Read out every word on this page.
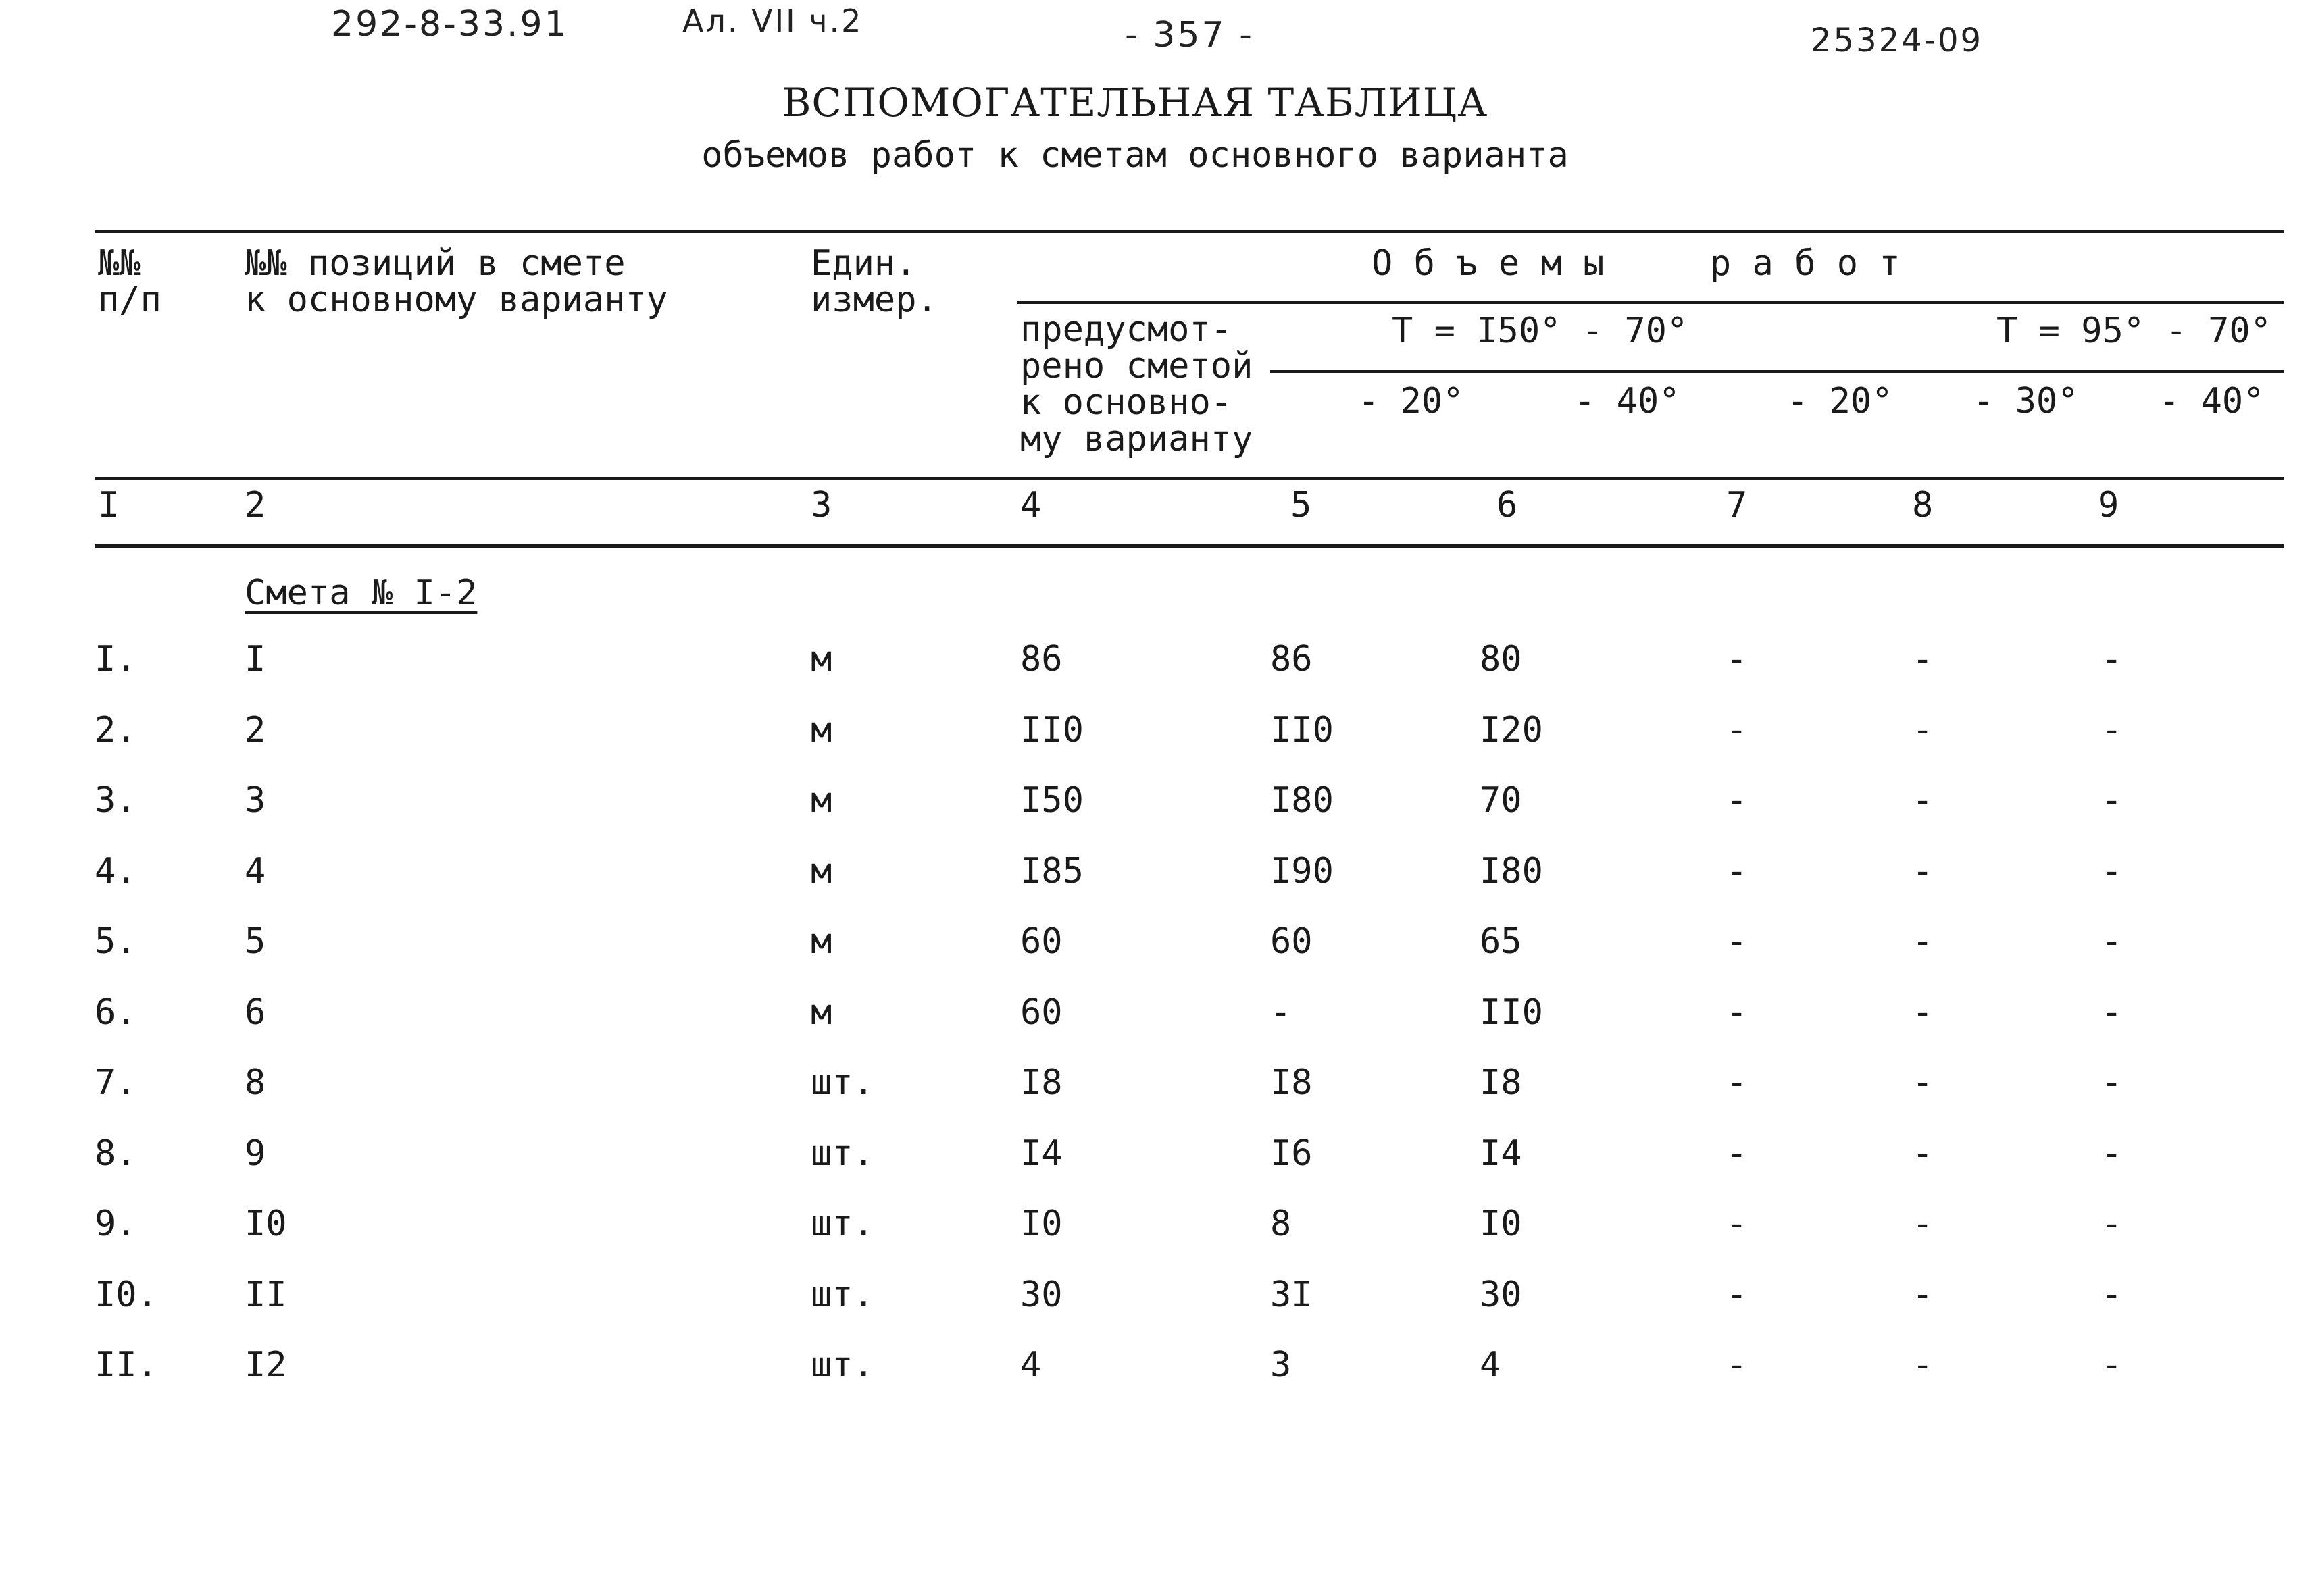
292-8-33.91	Ал. VII ч.2	- 357 -	25324-09
ВСПОМОГАТЕЛЬНАЯ ТАБЛИЦА
объемов работ к сметам основного варианта
№№
п/п
№№ позиций в смете
к основному варианту
Един.
измер.
О б ъ е м ы     р а б о т
предусмот-
рено сметой
к основно-
му варианту
Т = I50° - 70°	Т = 95° - 70°
- 20°	- 40°	- 20° - 30° - 40°
I	2	3	4	5	6	7	8	9
Смета № I-2
I.	I	м	86	86	80	-	-	-
2.	2	м	II0	II0	I20	-	-	-
3.	3	м	I50	I80	70	-	-	-
4.	4	м	I85	I90	I80	-	-	-
5.	5	м	60	60	65	-	-	-
6.	6	м	60	-	II0	-	-	-
7.	8	шт.	I8	I8	I8	-	-	-
8.	9	шт.	I4	I6	I4	-	-	-
9.	I0	шт.	I0	8	I0	-	-	-
I0. II	шт.	30	3I	30	-	-	-
II. I2	шт.	4	3	4	-	-	-
